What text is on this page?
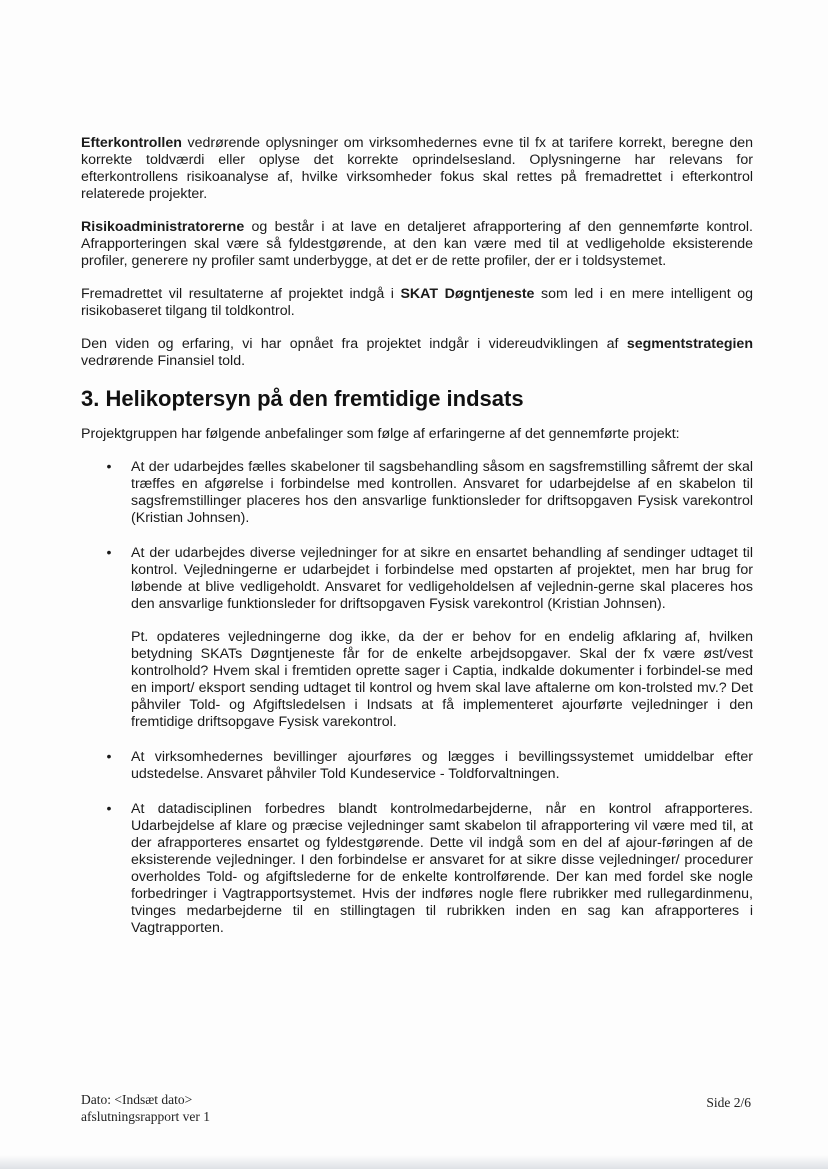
Efterkontrollen vedrørende oplysninger om virksomhedernes evne til fx at tarifere korrekt, beregne den korrekte toldværdi eller oplyse det korrekte oprindelsesland. Oplysningerne har relevans for efterkontrollens risikoanalyse af, hvilke virksomheder fokus skal rettes på fremadrettet i efterkontrol relaterede projekter.

Risikoadministratorerne og består i at lave en detaljeret afrapportering af den gennemførte kontrol. Afrapporteringen skal være så fyldestgørende, at den kan være med til at vedligeholde eksisterende profiler, generere ny profiler samt underbygge, at det er de rette profiler, der er i toldsystemet.

Fremadrettet vil resultaterne af projektet indgå i SKAT Døgntjeneste som led i en mere intelligent og risikobaseret tilgang til toldkontrol.

Den viden og erfaring, vi har opnået fra projektet indgår i videreudviklingen af segmentstrategien vedrørende Finansiel told.

3. Helikoptersyn på den fremtidige indsats

Projektgruppen har følgende anbefalinger som følge af erfaringerne af det gennemførte projekt:

• At der udarbejdes fælles skabeloner til sagsbehandling såsom en sagsfremstilling såfremt der skal træffes en afgørelse i forbindelse med kontrollen. Ansvaret for udarbejdelse af en skabelon til sagsfremstillinger placeres hos den ansvarlige funktionsleder for driftsopgaven Fysisk varekontrol (Kristian Johnsen).

• At der udarbejdes diverse vejledninger for at sikre en ensartet behandling af sendinger udtaget til kontrol. Vejledningerne er udarbejdet i forbindelse med opstarten af projektet, men har brug for løbende at blive vedligeholdt. Ansvaret for vedligeholdelsen af vejlednin-gerne skal placeres hos den ansvarlige funktionsleder for driftsopgaven Fysisk varekontrol (Kristian Johnsen).

Pt. opdateres vejledningerne dog ikke, da der er behov for en endelig afklaring af, hvilken betydning SKATs Døgntjeneste får for de enkelte arbejdsopgaver. Skal der fx være øst/vest kontrolhold? Hvem skal i fremtiden oprette sager i Captia, indkalde dokumenter i forbindel-se med en import/ eksport sending udtaget til kontrol og hvem skal lave aftalerne om kon-trolsted mv.? Det påhviler Told- og Afgiftsledelsen i Indsats at få implementeret ajourførte vejledninger i den fremtidige driftsopgave Fysisk varekontrol.

• At virksomhedernes bevillinger ajourføres og lægges i bevillingssystemet umiddelbar efter udstedelse. Ansvaret påhviler Told Kundeservice - Toldforvaltningen.

• At datadisciplinen forbedres blandt kontrolmedarbejderne, når en kontrol afrapporteres. Udarbejdelse af klare og præcise vejledninger samt skabelon til afrapportering vil være med til, at der afrapporteres ensartet og fyldestgørende. Dette vil indgå som en del af ajour-føringen af de eksisterende vejledninger. I den forbindelse er ansvaret for at sikre disse vejledninger/ procedurer overholdes Told- og afgiftslederne for de enkelte kontrolførende. Der kan med fordel ske nogle forbedringer i Vagtrapportsystemet. Hvis der indføres nogle flere rubrikker med rullegardinmenu, tvinges medarbejderne til en stillingtagen til rubrikken inden en sag kan afrapporteres i Vagtrapporten.

Dato: <Indsæt dato>
afslutningsrapport ver 1
Side 2/6
